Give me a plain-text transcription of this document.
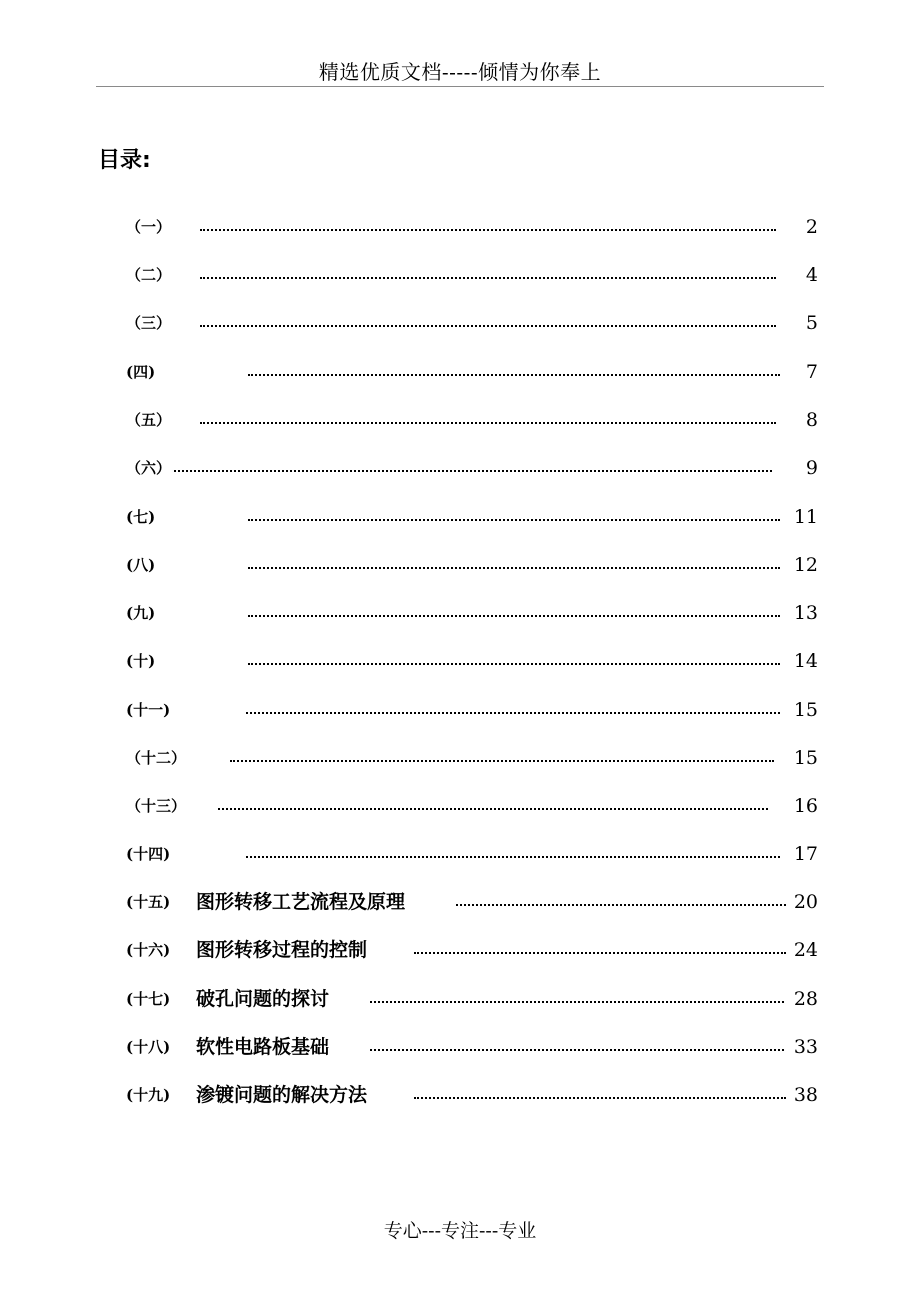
精选优质文档-----倾情为你奉上
目录:
（一）	2
（二）	4
（三）	5
(四)	7
（五）	8
（六）	9
(七)	11
(八)	12
(九)	13
(十)	14
(十一)	15
（十二）	15
（十三）	16
(十四)	17
(十五) 图形转移工艺流程及原理	20
(十六) 图形转移过程的控制	24
(十七) 破孔问题的探讨	28
(十八) 软性电路板基础	33
(十九) 渗镀问题的解决方法	38
专心---专注---专业
